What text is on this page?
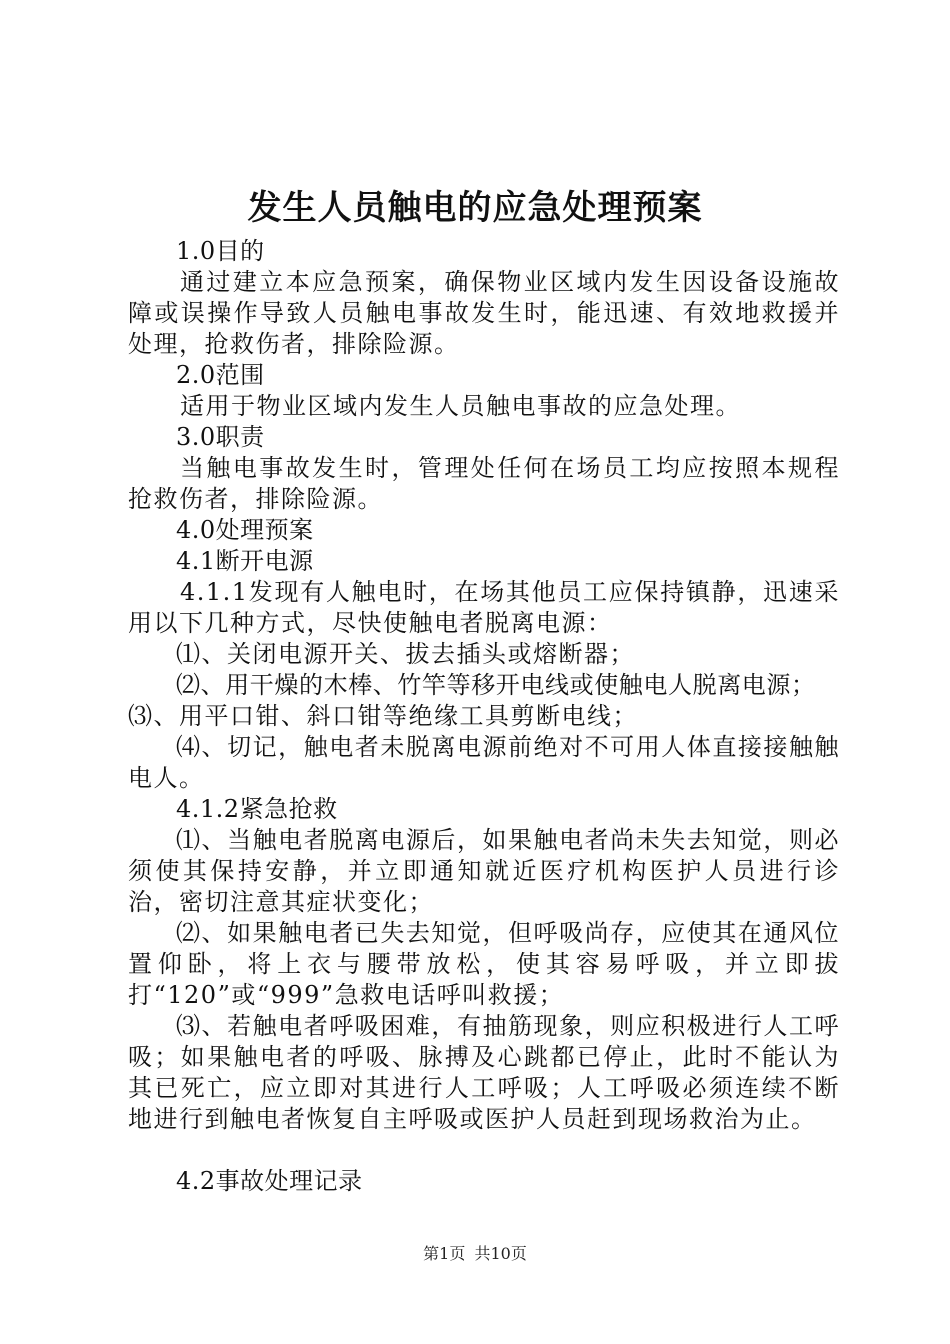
发生人员触电的应急处理预案

1.0目的

通过建立本应急预案，确保物业区域内发生因设备设施故障或误操作导致人员触电事故发生时，能迅速、有效地救援并处理，抢救伤者，排除险源。

2.0范围

适用于物业区域内发生人员触电事故的应急处理。

3.0职责

当触电事故发生时，管理处任何在场员工均应按照本规程抢救伤者，排除险源。

4.0处理预案

4.1断开电源

4.1.1发现有人触电时，在场其他员工应保持镇静，迅速采用以下几种方式，尽快使触电者脱离电源：

⑴、关闭电源开关、拔去插头或熔断器；

⑵、用干燥的木棒、竹竿等移开电线或使触电人脱离电源；

⑶、用平口钳、斜口钳等绝缘工具剪断电线；

⑷、切记，触电者未脱离电源前绝对不可用人体直接接触触电人。

4.1.2紧急抢救

⑴、当触电者脱离电源后，如果触电者尚未失去知觉，则必须使其保持安静，并立即通知就近医疗机构医护人员进行诊治，密切注意其症状变化；

⑵、如果触电者已失去知觉，但呼吸尚存，应使其在通风位置仰卧，将上衣与腰带放松，使其容易呼吸，并立即拔打“120”或“999”急救电话呼叫救援；

⑶、若触电者呼吸困难，有抽筋现象，则应积极进行人工呼吸；如果触电者的呼吸、脉搏及心跳都已停止，此时不能认为其已死亡，应立即对其进行人工呼吸；人工呼吸必须连续不断地进行到触电者恢复自主呼吸或医护人员赶到现场救治为止。

4.2事故处理记录

第1页 共10页
